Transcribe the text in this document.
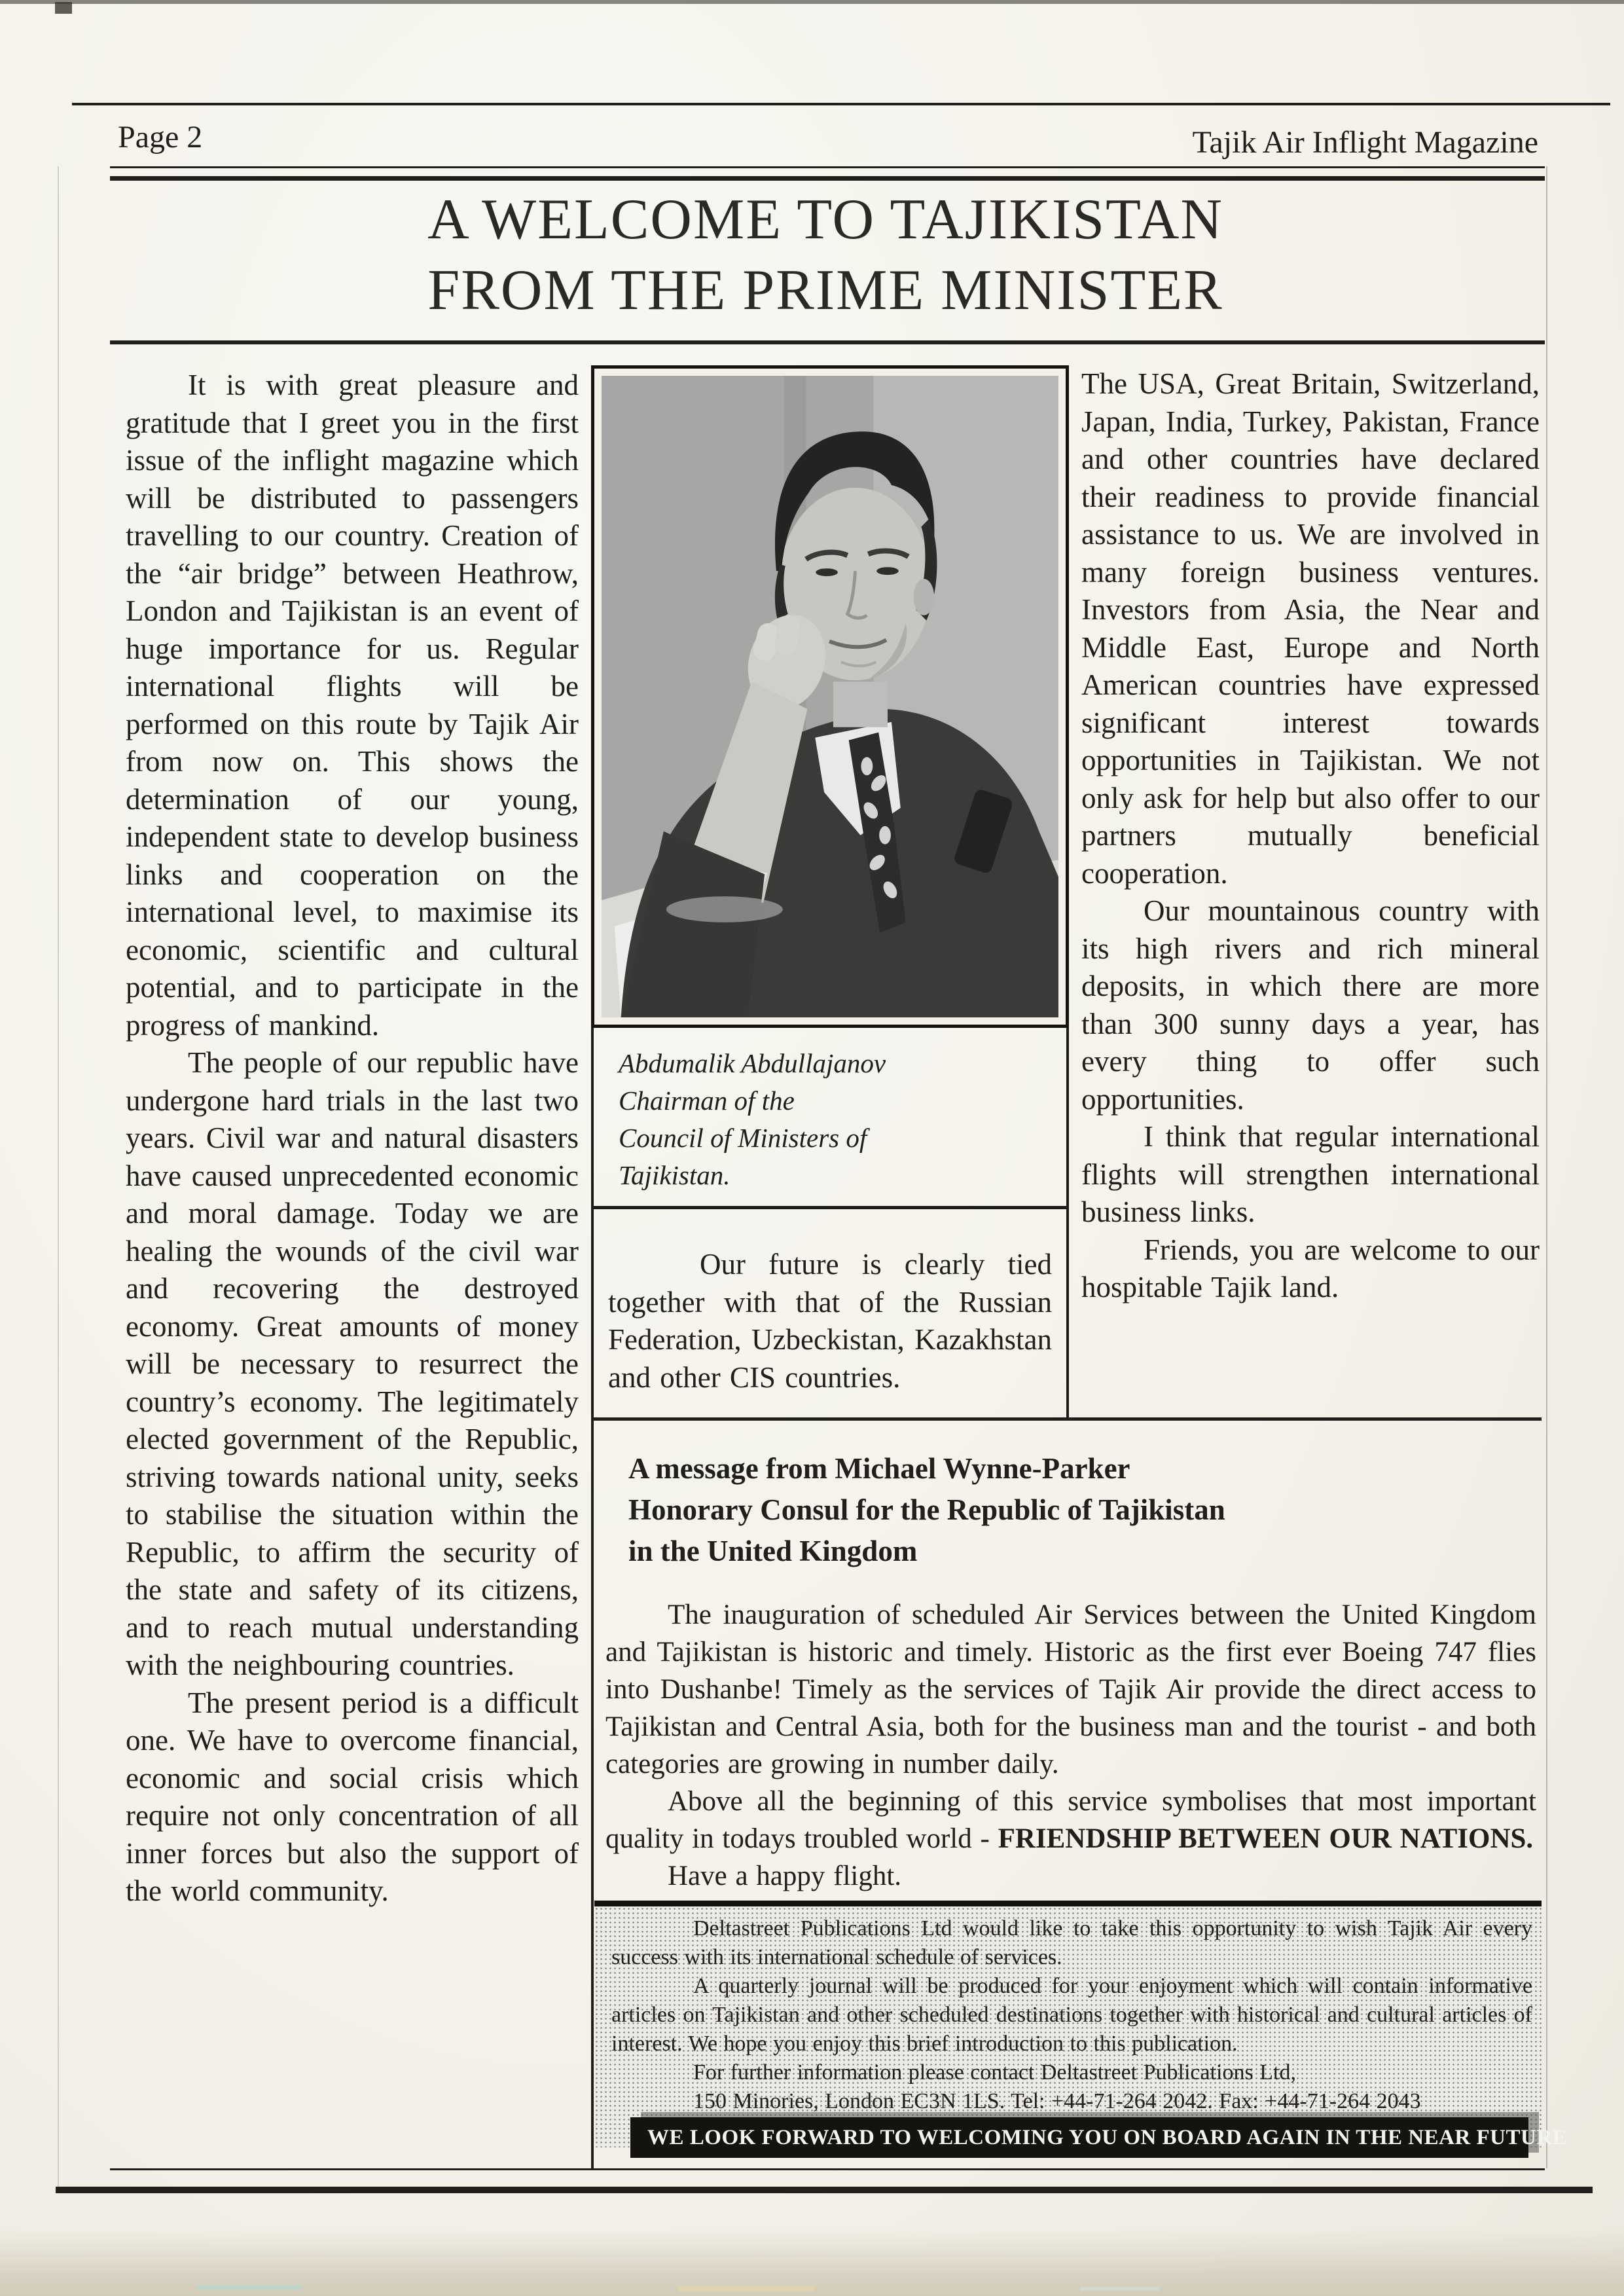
Page 2	Tajik Air Inflight Magazine
A WELCOME TO TAJIKISTAN
FROM THE PRIME MINISTER

It is with great pleasure and gratitude that I greet you in the first issue of the inflight magazine which will be distributed to passengers travelling to our country. Creation of the “air bridge” between Heathrow, London and Tajikistan is an event of huge importance for us. Regular international flights will be performed on this route by Tajik Air from now on. This shows the determination of our young, independent state to develop business links and cooperation on the international level, to maximise its economic, scientific and cultural potential, and to participate in the progress of mankind.

The people of our republic have undergone hard trials in the last two years. Civil war and natural disasters have caused unprecedented economic and moral damage. Today we are healing the wounds of the civil war and recovering the destroyed economy. Great amounts of money will be necessary to resurrect the country’s economy. The legitimately elected government of the Republic, striving towards national unity, seeks to stabilise the situation within the Republic, to affirm the security of the state and safety of its citizens, and to reach mutual understanding with the neighbouring countries.

The present period is a difficult one. We have to overcome financial, economic and social crisis which require not only concentration of all inner forces but also the support of the world community.

Abdumalik Abdullajanov
Chairman of the
Council of Ministers of
Tajikistan.

Our future is clearly tied together with that of the Russian Federation, Uzbeckistan, Kazakhstan and other CIS countries.

The USA, Great Britain, Switzerland, Japan, India, Turkey, Pakistan, France and other countries have declared their readiness to provide financial assistance to us. We are involved in many foreign business ventures. Investors from Asia, the Near and Middle East, Europe and North American countries have expressed significant interest towards opportunities in Tajikistan. We not only ask for help but also offer to our partners mutually beneficial cooperation.

Our mountainous country with its high rivers and rich mineral deposits, in which there are more than 300 sunny days a year, has every thing to offer such opportunities.

I think that regular international flights will strengthen international business links.

Friends, you are welcome to our hospitable Tajik land.

A message from Michael Wynne-Parker
Honorary Consul for the Republic of Tajikistan
in the United Kingdom

The inauguration of scheduled Air Services between the United Kingdom and Tajikistan is historic and timely. Historic as the first ever Boeing 747 flies into Dushanbe! Timely as the services of Tajik Air provide the direct access to Tajikistan and Central Asia, both for the business man and the tourist - and both categories are growing in number daily.

Above all the beginning of this service symbolises that most important quality in todays troubled world - FRIENDSHIP BETWEEN OUR NATIONS.

Have a happy flight.

Deltastreet Publications Ltd would like to take this opportunity to wish Tajik Air every success with its international schedule of services.

A quarterly journal will be produced for your enjoyment which will contain informative articles on Tajikistan and other scheduled destinations together with historical and cultural articles of interest. We hope you enjoy this brief introduction to this publication.

For further information please contact Deltastreet Publications Ltd,

150 Minories, London EC3N 1LS. Tel: +44-71-264 2042. Fax: +44-71-264 2043

WE LOOK FORWARD TO WELCOMING YOU ON BOARD AGAIN IN THE NEAR FUTURE
